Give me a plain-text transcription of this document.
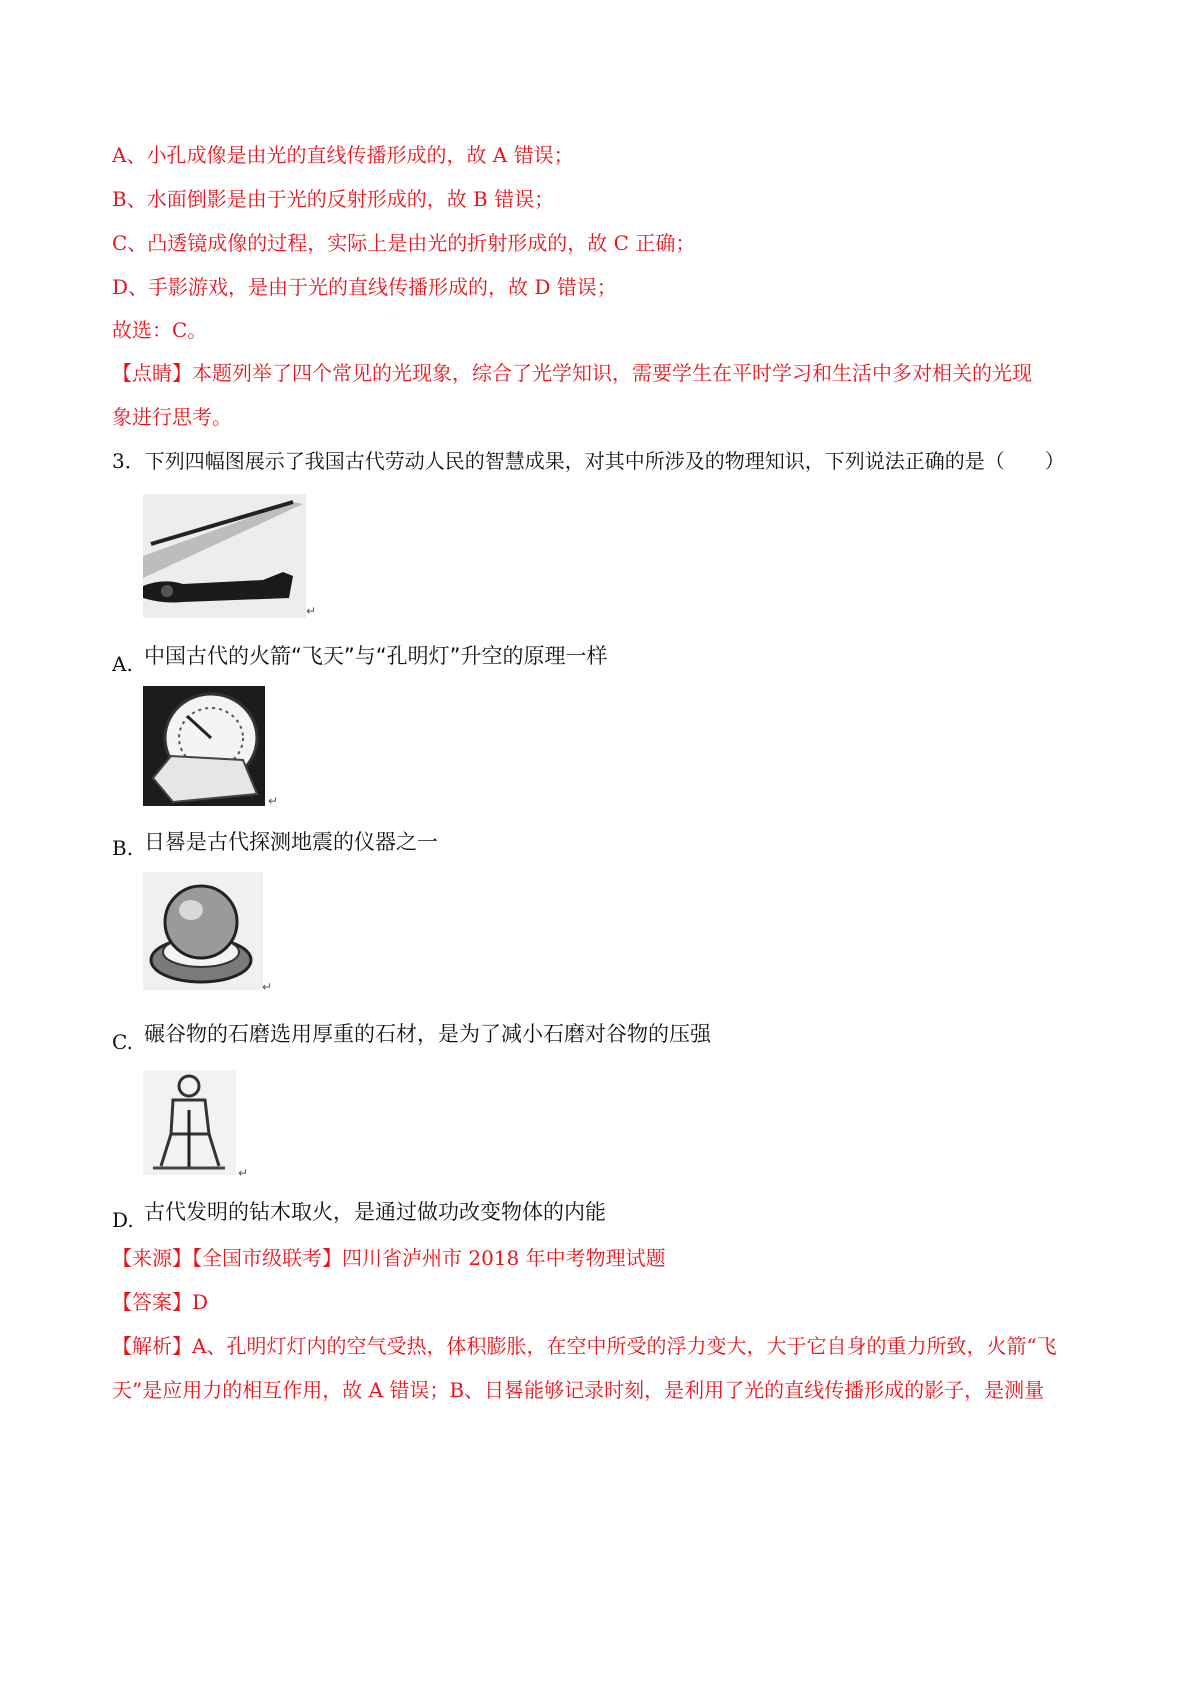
A、小孔成像是由光的直线传播形成的，故 A 错误；
B、水面倒影是由于光的反射形成的，故 B 错误；
C、凸透镜成像的过程，实际上是由光的折射形成的，故 C 正确；
D、手影游戏，是由于光的直线传播形成的，故 D 错误；
故选：C。
【点睛】本题列举了四个常见的光现象，综合了光学知识，需要学生在平时学习和生活中多对相关的光现
象进行思考。
3．下列四幅图展示了我国古代劳动人民的智慧成果，对其中所涉及的物理知识，下列说法正确的是（ ）
↵
A. 中国古代的火箭“飞天”与“孔明灯”升空的原理一样
↵
B. 日晷是古代探测地震的仪器之一
↵
C. 碾谷物的石磨选用厚重的石材，是为了减小石磨对谷物的压强
↵
D. 古代发明的钻木取火，是通过做功改变物体的内能
【来源】【全国市级联考】四川省泸州市 2018 年中考物理试题
【答案】D
【解析】A、孔明灯灯内的空气受热，体积膨胀，在空中所受的浮力变大，大于它自身的重力所致，火箭“飞
天”是应用力的相互作用，故 A 错误；B、日晷能够记录时刻，是利用了光的直线传播形成的影子，是测量
